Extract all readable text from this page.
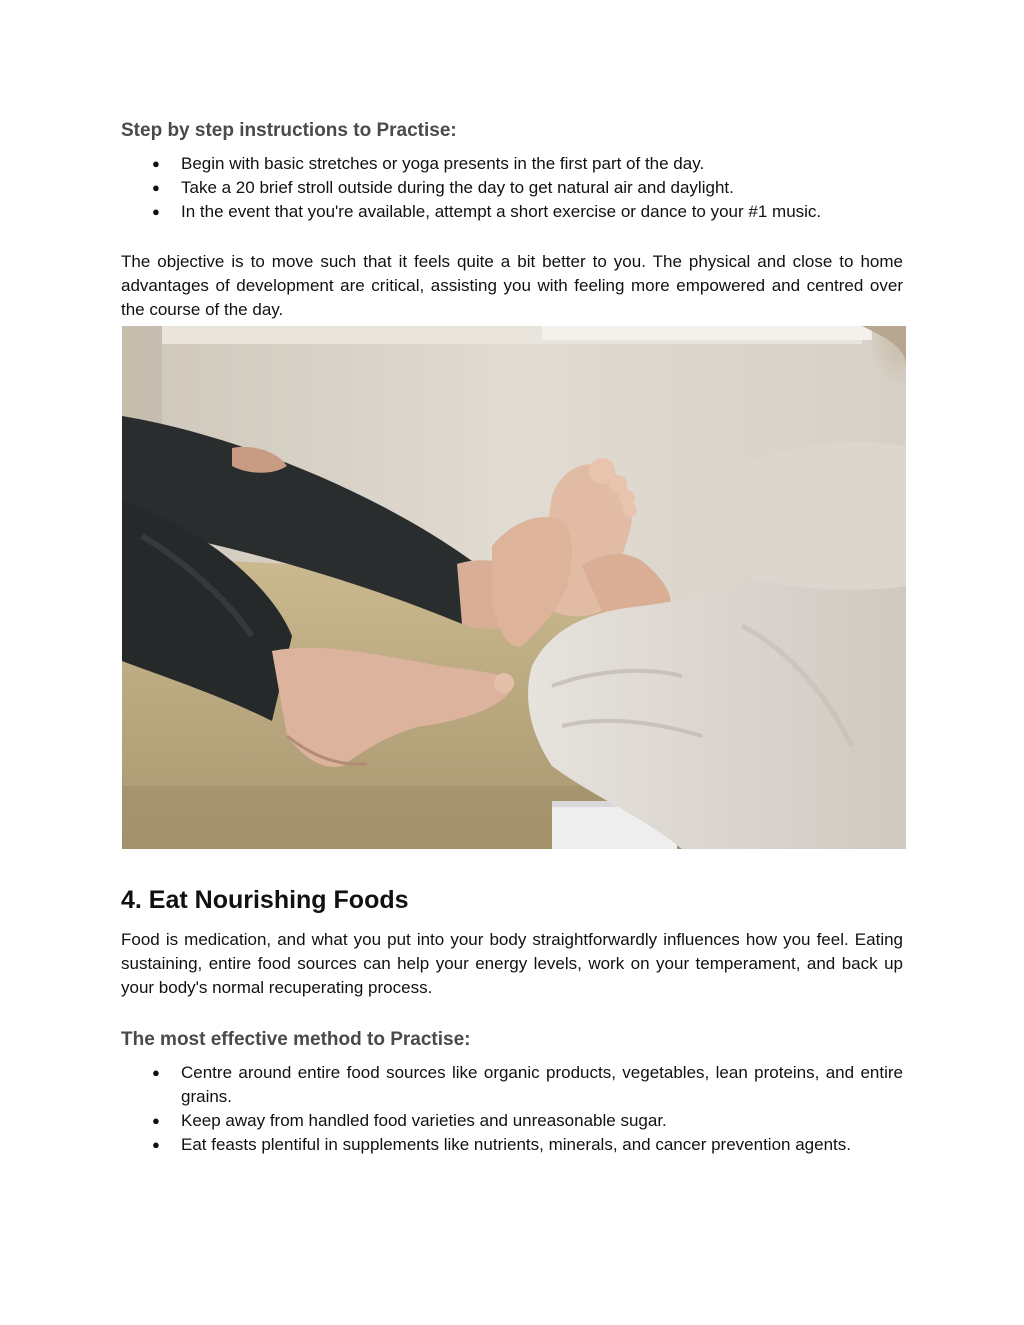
Step by step instructions to Practise:
● Begin with basic stretches or yoga presents in the first part of the day.
● Take a 20 brief stroll outside during the day to get natural air and daylight.
● In the event that you're available, attempt a short exercise or dance to your #1 music.

The objective is to move such that it feels quite a bit better to you. The physical and close to home advantages of development are critical, assisting you with feeling more empowered and centred over the course of the day.

4. Eat Nourishing Foods

Food is medication, and what you put into your body straightforwardly influences how you feel. Eating sustaining, entire food sources can help your energy levels, work on your temperament, and back up your body's normal recuperating process.

The most effective method to Practise:
● Centre around entire food sources like organic products, vegetables, lean proteins, and entire grains.
● Keep away from handled food varieties and unreasonable sugar.
● Eat feasts plentiful in supplements like nutrients, minerals, and cancer prevention agents.
